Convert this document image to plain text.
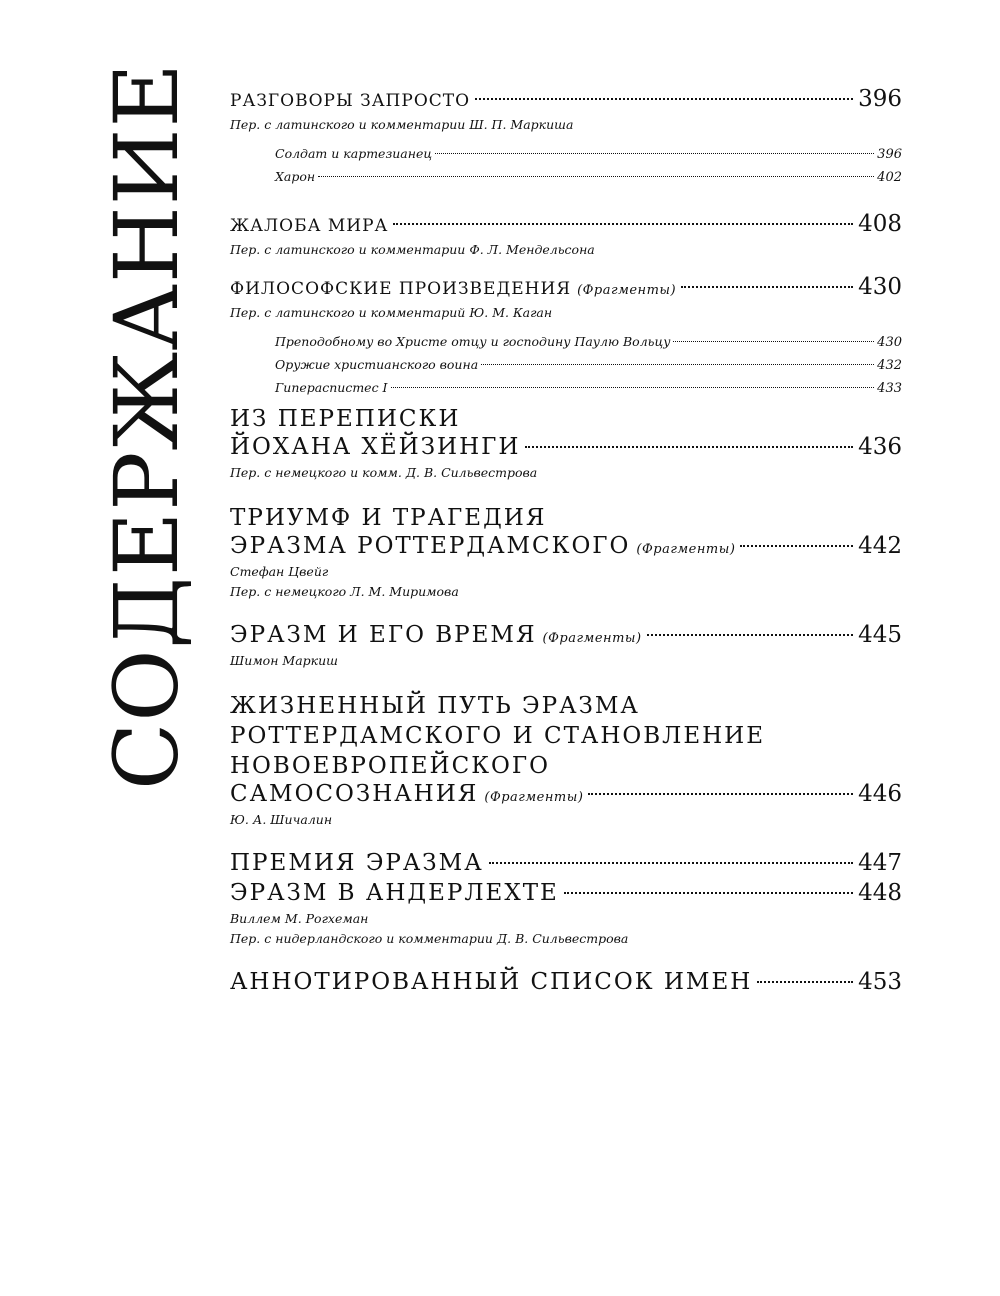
СОДЕРЖАНИЕ РАЗГОВОРЫ ЗАПРОСТО	396
Пер. с латинского и комментарии Ш. П. Маркиша
Солдат и картезианец	396
Харон	402
ЖАЛОБА МИРА	408
Пер. с латинского и комментарии Ф. Л. Мендельсона
ФИЛОСОФСКИЕ ПРОИЗВЕДЕНИЯ (Фрагменты)	430
Пер. с латинского и комментарий Ю. М. Каган
Преподобному во Христе отцу и господину Паулю Вольцу	430
Оружие христианского воина	432
Гипераспистес I	433
ИЗ ПЕРЕПИСКИ
ЙОХАНА ХЁЙЗИНГИ	436
Пер. с немецкого и комм. Д. В. Сильвестрова
ТРИУМФ И ТРАГЕДИЯ
ЭРАЗМА РОТТЕРДАМСКОГО (Фрагменты)	442
Стефан Цвейг
Пер. с немецкого Л. М. Миримова
ЭРАЗМ И ЕГО ВРЕМЯ (Фрагменты)	445
Шимон Маркиш
ЖИЗНЕННЫЙ ПУТЬ ЭРАЗМА
РОТТЕРДАМСКОГО И СТАНОВЛЕНИЕ
НОВОЕВРОПЕЙСКОГО
САМОСОЗНАНИЯ (Фрагменты)	446
Ю. А. Шичалин
ПРЕМИЯ ЭРАЗМА	447
ЭРАЗМ В АНДЕРЛЕХТЕ	448
Виллем М. Рогхеман
Пер. с нидерландского и комментарии Д. В. Сильвестрова
АННОТИРОВАННЫЙ СПИСОК ИМЕН	453
